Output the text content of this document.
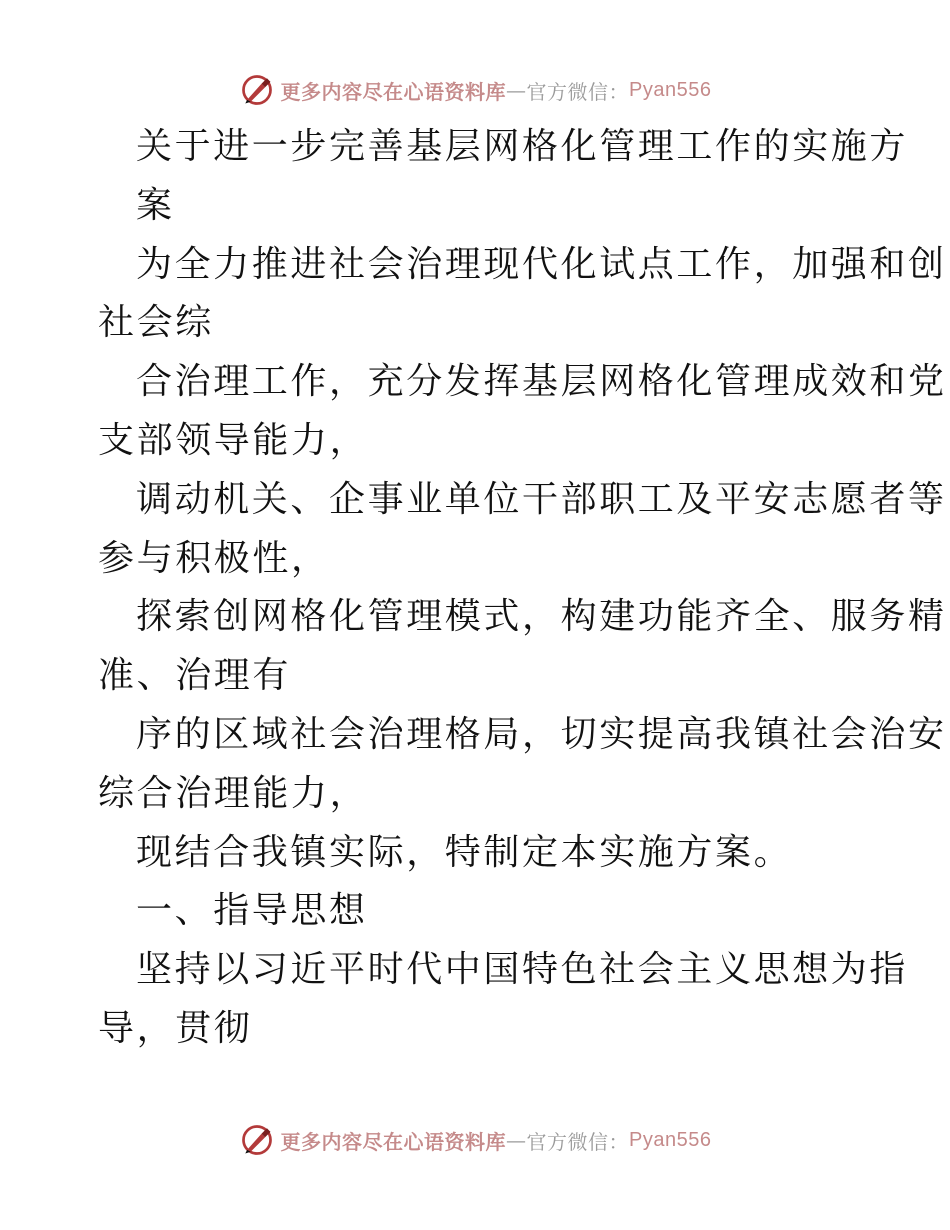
更多内容尽在心语资料库 — 官方微信： Pyan556
关于进一步完善基层网格化管理工作的实施方
案
为全力推进社会治理现代化试点工作，加强和创
社会综
合治理工作，充分发挥基层网格化管理成效和党
支部领导能力，
调动机关、企事业单位干部职工及平安志愿者等
参与积极性，
探索创网格化管理模式，构建功能齐全、服务精
准、治理有
序的区域社会治理格局，切实提高我镇社会治安
综合治理能力，
现结合我镇实际，特制定本实施方案。
一、指导思想
坚持以习近平时代中国特色社会主义思想为指
导，贯彻
更多内容尽在心语资料库 — 官方微信： Pyan556
